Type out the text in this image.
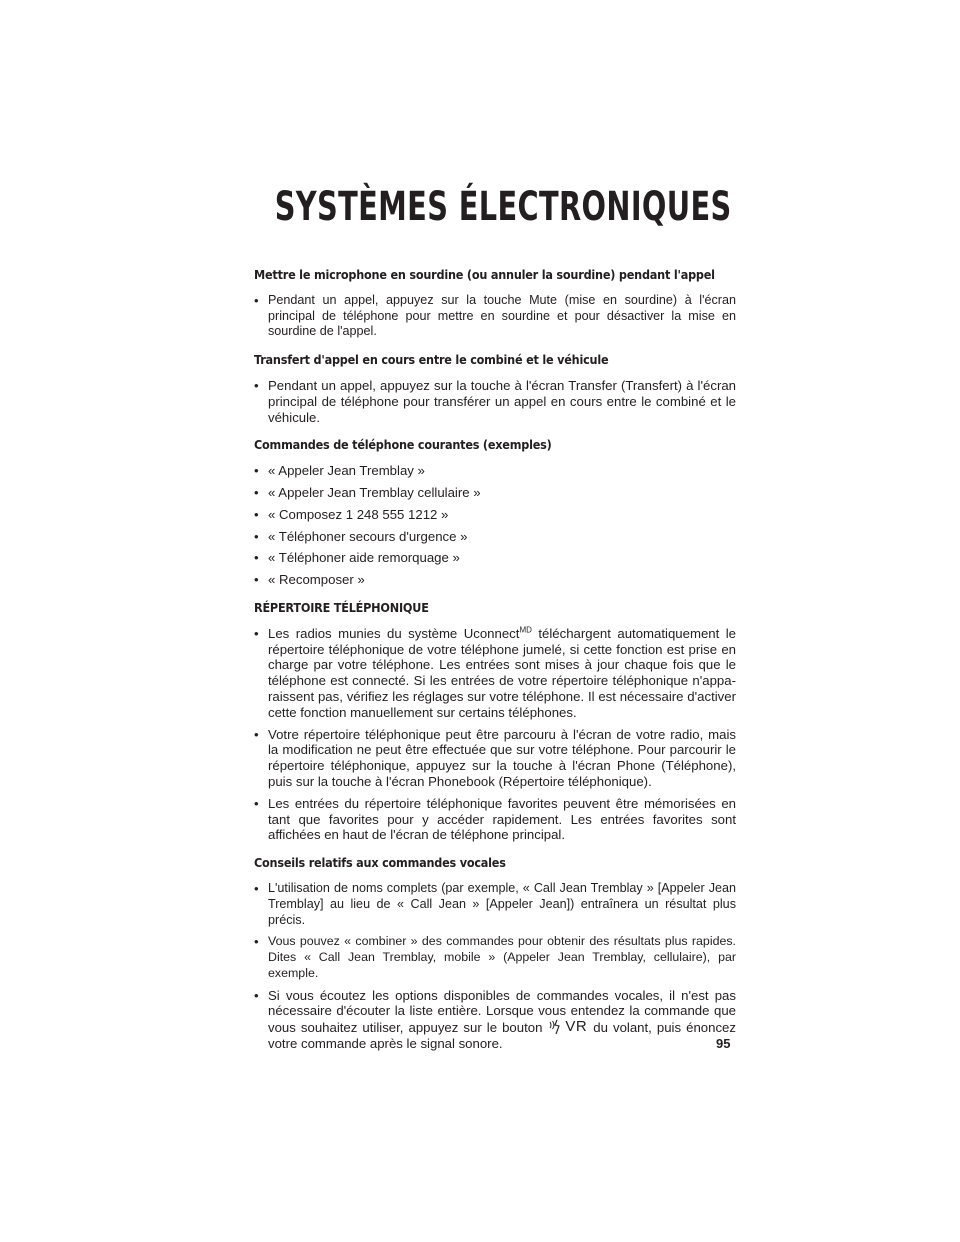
SYSTÈMES ÉLECTRONIQUES
Mettre le microphone en sourdine (ou annuler la sourdine) pendant l'appel
• Pendant un appel, appuyez sur la touche Mute (mise en sourdine) à l'écran principal de téléphone pour mettre en sourdine et pour désactiver la mise en sourdine de l'appel.
Transfert d'appel en cours entre le combiné et le véhicule
• Pendant un appel, appuyez sur la touche à l'écran Transfer (Transfert) à l'écran principal de téléphone pour transférer un appel en cours entre le combiné et le véhicule.
Commandes de téléphone courantes (exemples)
• « Appeler Jean Tremblay »
• « Appeler Jean Tremblay cellulaire »
• « Composez 1 248 555 1212 »
• « Téléphoner secours d'urgence »
• « Téléphoner aide remorquage »
• « Recomposer »
RÉPERTOIRE TÉLÉPHONIQUE
• Les radios munies du système Uconnect$^{MD}$ téléchargent automatiquement le répertoire téléphonique de votre téléphone jumelé, si cette fonction est prise en charge par votre téléphone. Les entrées sont mises à jour chaque fois que le téléphone est connecté. Si les entrées de votre répertoire téléphonique n'appa-raissent pas, vérifiez les réglages sur votre téléphone. Il est nécessaire d'activer cette fonction manuellement sur certains téléphones.
• Votre répertoire téléphonique peut être parcouru à l'écran de votre radio, mais la modification ne peut être effectuée que sur votre téléphone. Pour parcourir le répertoire téléphonique, appuyez sur la touche à l'écran Phone (Téléphone), puis sur la touche à l'écran Phonebook (Répertoire téléphonique).
• Les entrées du répertoire téléphonique favorites peuvent être mémorisées en tant que favorites pour y accéder rapidement. Les entrées favorites sont affichées en haut de l'écran de téléphone principal.
Conseils relatifs aux commandes vocales
• L'utilisation de noms complets (par exemple, « Call Jean Tremblay » [Appeler Jean Tremblay] au lieu de « Call Jean » [Appeler Jean]) entraînera un résultat plus précis.
• Vous pouvez « combiner » des commandes pour obtenir des résultats plus rapides. Dites « Call Jean Tremblay, mobile » (Appeler Jean Tremblay, cellulaire), par exemple.
• Si vous écoutez les options disponibles de commandes vocales, il n'est pas nécessaire d'écouter la liste entière. Lorsque vous entendez la commande que vous souhaitez utiliser, appuyez sur le bouton VR du volant, puis énoncez votre commande après le signal sonore.	95
